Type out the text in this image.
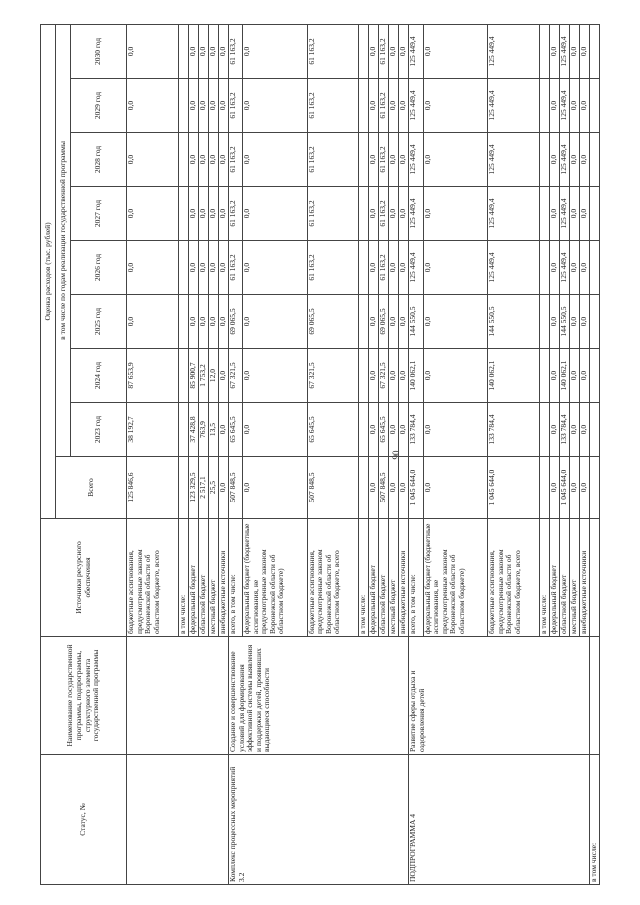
90
Статус, №	Наименование государственной программы, подпрограммы, структурного элемента государственной программы	Источники ресурсного обеспечения	Оценка расходов (тыс. рублей)								
			Всего	в том числе по годам реализации государственной программы							
				2023 год	2024 год	2025 год	2026 год	2027 год	2028 год	2029 год	2030 год
		бюджетные ассигнования, предусмотренные законом Воронежской области об областном бюджете, всего	125 846,6	38 192,7	87 653,9	0,0	0,0	0,0	0,0	0,0	0,0
		в том числе:									
		федеральный бюджет	123 329,5	37 428,8	85 900,7	0,0	0,0	0,0	0,0	0,0	0,0
		областной бюджет	2 517,1	763,9	1 753,2	0,0	0,0	0,0	0,0	0,0	0,0
		местный бюджет	25,5	13,5	12,0	0,0	0,0	0,0	0,0	0,0	0,0
		внебюджетные источники	0,0	0,0	0,0	0,0	0,0	0,0	0,0	0,0	0,0
Комплекс процессных мероприятий 3.2	Создание и совершенствование условий для формирования эффективной системы выявления и поддержки детей, проявивших выдающиеся способности	всего, в том числе:	507 848,5	65 645,5	67 321,5	69 065,5	61 163,2	61 163,2	61 163,2	61 163,2	61 163,2
		федеральный бюджет (бюджетные ассигнования, не предусмотренные законом Воронежской области об областном бюджете)	0,0	0,0	0,0	0,0	0,0	0,0	0,0	0,0	0,0
		бюджетные ассигнования, предусмотренные законом Воронежской области об областном бюджете, всего	507 848,5	65 645,5	67 321,5	69 065,5	61 163,2	61 163,2	61 163,2	61 163,2	61 163,2
		в том числе:									
		федеральный бюджет	0,0	0,0	0,0	0,0	0,0	0,0	0,0	0,0	0,0
		областной бюджет	507 848,5	65 645,5	67 321,5	69 065,5	61 163,2	61 163,2	61 163,2	61 163,2	61 163,2
		местный бюджет	0,0	0,0	0,0	0,0	0,0	0,0	0,0	0,0	0,0
		внебюджетные источники	0,0	0,0	0,0	0,0	0,0	0,0	0,0	0,0	0,0
ПОДПРОГРАММА 4	Развитие сферы отдыха и оздоровления детей	всего, в том числе:	1 045 644,0	133 784,4	140 062,1	144 550,5	125 449,4	125 449,4	125 449,4	125 449,4	125 449,4
		федеральный бюджет (бюджетные ассигнования, не предусмотренные законом Воронежской области об областном бюджете)	0,0	0,0	0,0	0,0	0,0	0,0	0,0	0,0	0,0
		бюджетные ассигнования, предусмотренные законом Воронежской области об областном бюджете, всего	1 045 644,0	133 784,4	140 062,1	144 550,5	125 449,4	125 449,4	125 449,4	125 449,4	125 449,4
		в том числе:									
		федеральный бюджет	0,0	0,0	0,0	0,0	0,0	0,0	0,0	0,0	0,0
		областной бюджет	1 045 644,0	133 784,4	140 062,1	144 550,5	125 449,4	125 449,4	125 449,4	125 449,4	125 449,4
		местный бюджет	0,0	0,0	0,0	0,0	0,0	0,0	0,0	0,0	0,0
		внебюджетные источники	0,0	0,0	0,0	0,0	0,0	0,0	0,0	0,0	0,0
в том числе:											
